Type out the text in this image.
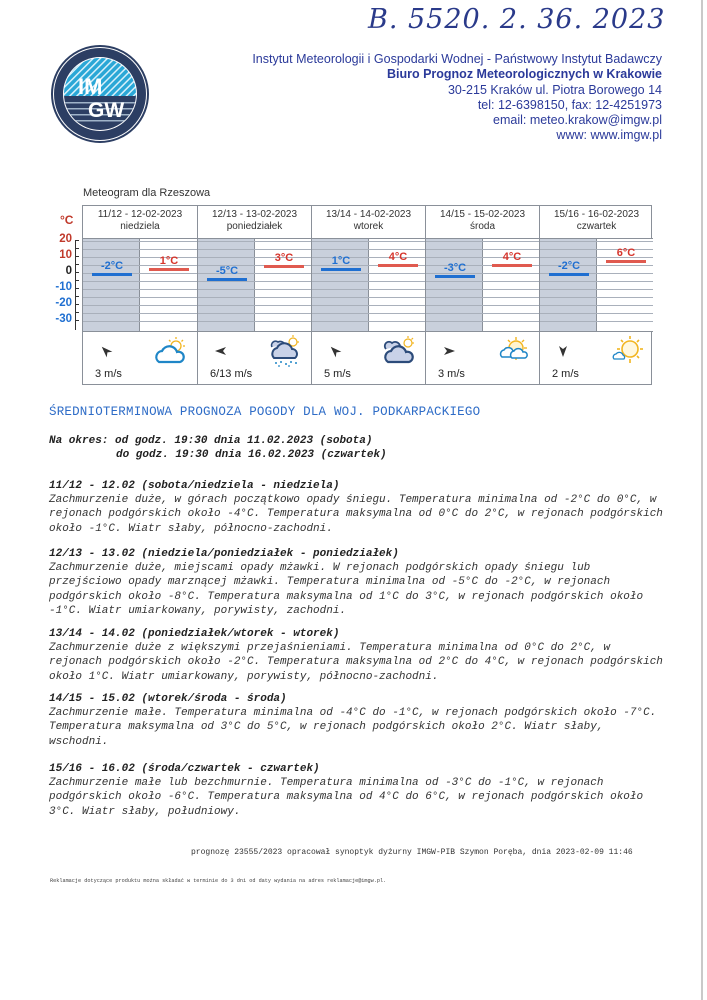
B. 5520. 2. 36. 2023
IM
GW
Instytut Meteorologii i Gospodarki Wodnej - Państwowy Instytut Badawczy
Biuro Prognoz Meteorologicznych w Krakowie
30-215 Kraków ul. Piotra Borowego 14
tel: 12-6398150, fax: 12-4251973
email: meteo.krakow@imgw.pl
www: www.imgw.pl
Meteogram dla Rzeszowa
°C
20
10
0
-10
-20
-30
11/12 - 12-02-2023
niedziela
-2°C	1°C
3 m/s
12/13 - 13-02-2023
poniedziałek
-5°C
3°C
6/13 m/s
13/14 - 14-02-2023
wtorek
1°C	4°C
5 m/s
14/15 - 15-02-2023
środa
-3°C
4°C
3 m/s
15/16 - 16-02-2023
czwartek
-2°C
6°C
2 m/s
ŚREDNIOTERMINOWA PROGNOZA POGODY DLA WOJ. PODKARPACKIEGO
Na okres: od godz. 19:30 dnia 11.02.2023 (sobota)
do godz. 19:30 dnia 16.02.2023 (czwartek)
11/12 - 12.02 (sobota/niedziela - niedziela)
Zachmurzenie duże, w górach początkowo opady śniegu. Temperatura minimalna od -2°C do 0°C, w rejonach podgórskich około -4°C. Temperatura maksymalna od 0°C do 2°C, w rejonach podgórskich około -1°C. Wiatr słaby, północno-zachodni.
12/13 - 13.02 (niedziela/poniedziałek - poniedziałek)
Zachmurzenie duże, miejscami opady mżawki. W rejonach podgórskich opady śniegu lub przejściowo opady marznącej mżawki. Temperatura minimalna od -5°C do -2°C, w rejonach podgórskich około -8°C. Temperatura maksymalna od 1°C do 3°C, w rejonach podgórskich około -1°C. Wiatr umiarkowany, porywisty, zachodni.
13/14 - 14.02 (poniedziałek/wtorek - wtorek)
Zachmurzenie duże z większymi przejaśnieniami. Temperatura minimalna od 0°C do 2°C, w rejonach podgórskich około -2°C. Temperatura maksymalna od 2°C do 4°C, w rejonach podgórskich około 1°C. Wiatr umiarkowany, porywisty, północno-zachodni.
14/15 - 15.02 (wtorek/środa - środa)
Zachmurzenie małe. Temperatura minimalna od -4°C do -1°C, w rejonach podgórskich około -7°C. Temperatura maksymalna od 3°C do 5°C, w rejonach podgórskich około 2°C. Wiatr słaby, wschodni.
15/16 - 16.02 (środa/czwartek - czwartek)
Zachmurzenie małe lub bezchmurnie. Temperatura minimalna od -3°C do -1°C, w rejonach podgórskich około -6°C. Temperatura maksymalna od 4°C do 6°C, w rejonach podgórskich około 3°C. Wiatr słaby, południowy.
prognozę 23555/2023 opracował synoptyk dyżurny IMGW-PIB Szymon Poręba, dnia 2023-02-09 11:46
Reklamacje dotyczące produktu można składać w terminie do 3 dni od daty wydania na adres reklamacje@imgw.pl.
